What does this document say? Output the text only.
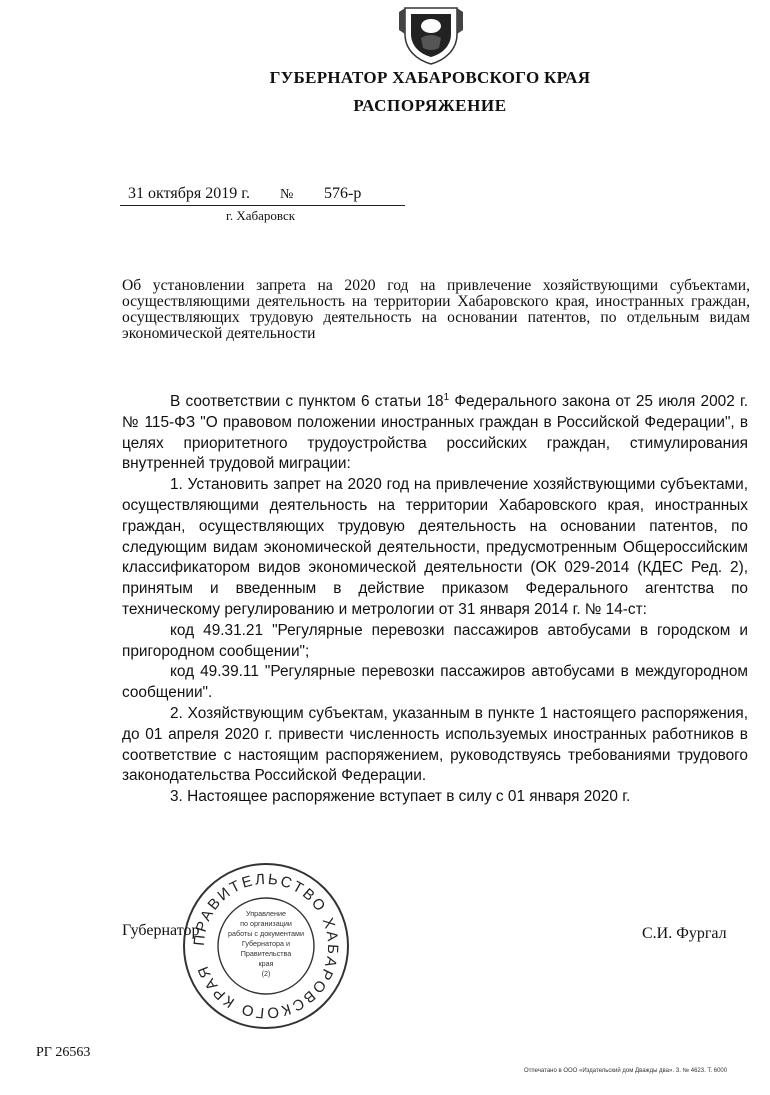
ГУБЕРНАТОР ХАБАРОВСКОГО КРАЯ
РАСПОРЯЖЕНИЕ
31 октября 2019 г. № 576-р
г. Хабаровск
Об установлении запрета на 2020 год на привлечение хозяйствующими субъектами, осуществляющими деятельность на территории Хабаровского края, иностранных граждан, осуществляющих трудовую деятельность на основании патентов, по отдельным видам экономической деятельности

В соответствии с пунктом 6 статьи $18^1$ Федерального закона от 25 июля 2002 г. № 115-ФЗ "О правовом положении иностранных граждан в Российской Федерации", в целях приоритетного трудоустройства российских граждан, стимулирования внутренней трудовой миграции:

1. Установить запрет на 2020 год на привлечение хозяйствующими субъектами, осуществляющими деятельность на территории Хабаровского края, иностранных граждан, осуществляющих трудовую деятельность на основании патентов, по следующим видам экономической деятельности, предусмотренным Общероссийским классификатором видов экономической деятельности (ОК 029-2014 (КДЕС Ред. 2), принятым и введенным в действие приказом Федерального агентства по техническому регулированию и метрологии от 31 января 2014 г. № 14-ст:

код 49.31.21 "Регулярные перевозки пассажиров автобусами в городском и пригородном сообщении";

код 49.39.11 "Регулярные перевозки пассажиров автобусами в междугородном сообщении".

2. Хозяйствующим субъектам, указанным в пункте 1 настоящего распоряжения, до 01 апреля 2020 г. привести численность используемых иностранных работников в соответствие с настоящим распоряжением, руководствуясь требованиями трудового законодательства Российской Федерации.

3. Настоящее распоряжение вступает в силу с 01 января 2020 г.

ПРАВИТЕЛЬСТВО ХАБАРОВСКОГО КРАЯ
Управление
по организации
работы с документами
Губернатора и
Правительства
края
(2)
Губернатор	С.И. Фургал
РГ 26563
Отпечатано в ООО «Издательский дом Дважды два». З. № 4623. Т. 6000
